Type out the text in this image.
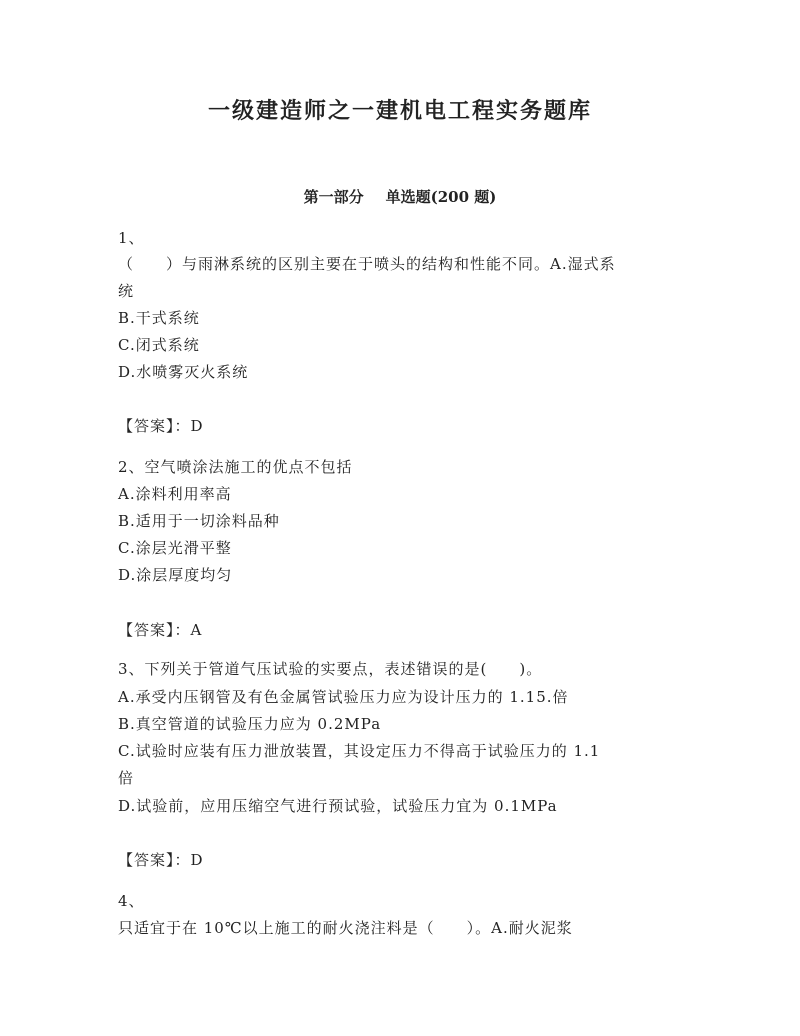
一级建造师之一建机电工程实务题库
第一部分 单选题(200 题)
1、
（　　）与雨淋系统的区别主要在于喷头的结构和性能不同。A.湿式系
统
B.干式系统
C.闭式系统
D.水喷雾灭火系统
【答案】：D
2、空气喷涂法施工的优点不包括
A.涂料利用率高
B.适用于一切涂料品种
C.涂层光滑平整
D.涂层厚度均匀
【答案】：A
3、下列关于管道气压试验的实要点，表述错误的是(　　)。
A.承受内压钢管及有色金属管试验压力应为设计压力的 1.15.倍
B.真空管道的试验压力应为 0.2MPa
C.试验时应装有压力泄放装置，其设定压力不得高于试验压力的 1.1
倍
D.试验前，应用压缩空气进行预试验，试验压力宜为 0.1MPa
【答案】：D
4、
只适宜于在 10℃以上施工的耐火浇注料是（　　）。A.耐火泥浆
